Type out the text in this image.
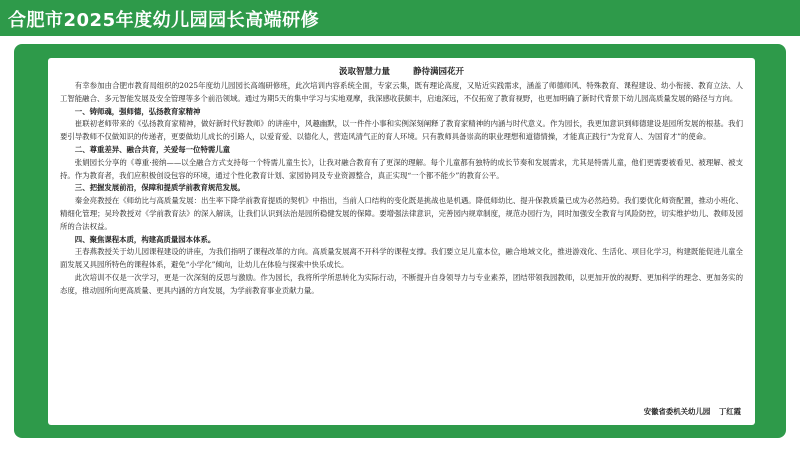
合肥市2025年度幼儿园园长高端研修
汲取智慧力量	静待满园花开

有幸参加由合肥市教育局组织的2025年度幼儿园园长高端研修班，此次培训内容系统全面，专家云集，既有理论高度，又贴近实践需求，涵盖了师德师风、特殊教育、课程建设、幼小衔接、教育立法、人工智能融合、多元智能发展及安全管理等多个前沿领域。通过为期5天的集中学习与实地观摩，我深感收获颇丰，启迪深远，不仅拓宽了教育视野，也更加明确了新时代背景下幼儿园高质量发展的路径与方向。

一、铸师魂，强师德，弘扬教育家精神

崔联初老师带来的《弘扬教育家精神，做好新时代好教师》的讲座中，风趣幽默，以一件件小事和实例深刻阐释了教育家精神的内涵与时代意义。作为园长，我更加意识到师德建设是园所发展的根基。我们要引导教师不仅做知识的传递者，更要做幼儿成长的引路人，以爱育爱、以德化人，营造风清气正的育人环境。只有教师具备崇高的职业理想和道德情操，才能真正践行“为党育人、为国育才”的使命。

二、尊重差异、融合共育，关爱每一位特需儿童

张娟园长分享的《尊重·接纳——以全融合方式支持每一个特需儿童生长》，让我对融合教育有了更深的理解。每个儿童都有独特的成长节奏和发展需求，尤其是特需儿童，他们更需要被看见、被理解、被支持。作为教育者，我们应积极创设包容的环境，通过个性化教育计划、家园协同及专业资源整合，真正实现“一个都不能少”的教育公平。

三、把握发展前沿，保障和提质学前教育规范发展。

秦金亮教授在《师幼比与高质量发展：出生率下降学前教育提质的契机》中指出，当前人口结构的变化既是挑战也是机遇。降低师幼比、提升保教质量已成为必然趋势。我们要优化师资配置，推动小班化、精细化管理；吴玲教授对《学前教育法》的深入解读，让我们认识到法治是园所稳健发展的保障。要增强法律意识，完善园内规章制度，规范办园行为，同时加强安全教育与风险防控，切实维护幼儿、教师及园所的合法权益。

四、聚焦课程本质，构建高质量园本体系。

王春燕教授关于幼儿园课程建设的讲座，为我们指明了课程改革的方向。高质量发展离不开科学的课程支撑。我们要立足儿童本位，融合地域文化，推进游戏化、生活化、项目化学习，构建既能促进儿童全面发展又具园所特色的课程体系，避免“小学化”倾向，让幼儿在体验与探索中快乐成长。

此次培训不仅是一次学习，更是一次深刻的反思与激励。作为园长，我将所学所思转化为实际行动，不断提升自身领导力与专业素养，团结带领我园教师，以更加开放的视野、更加科学的理念、更加务实的态度，推动园所向更高质量、更具内涵的方向发展，为学前教育事业贡献力量。

安徽省委机关幼儿园 丁红霞
